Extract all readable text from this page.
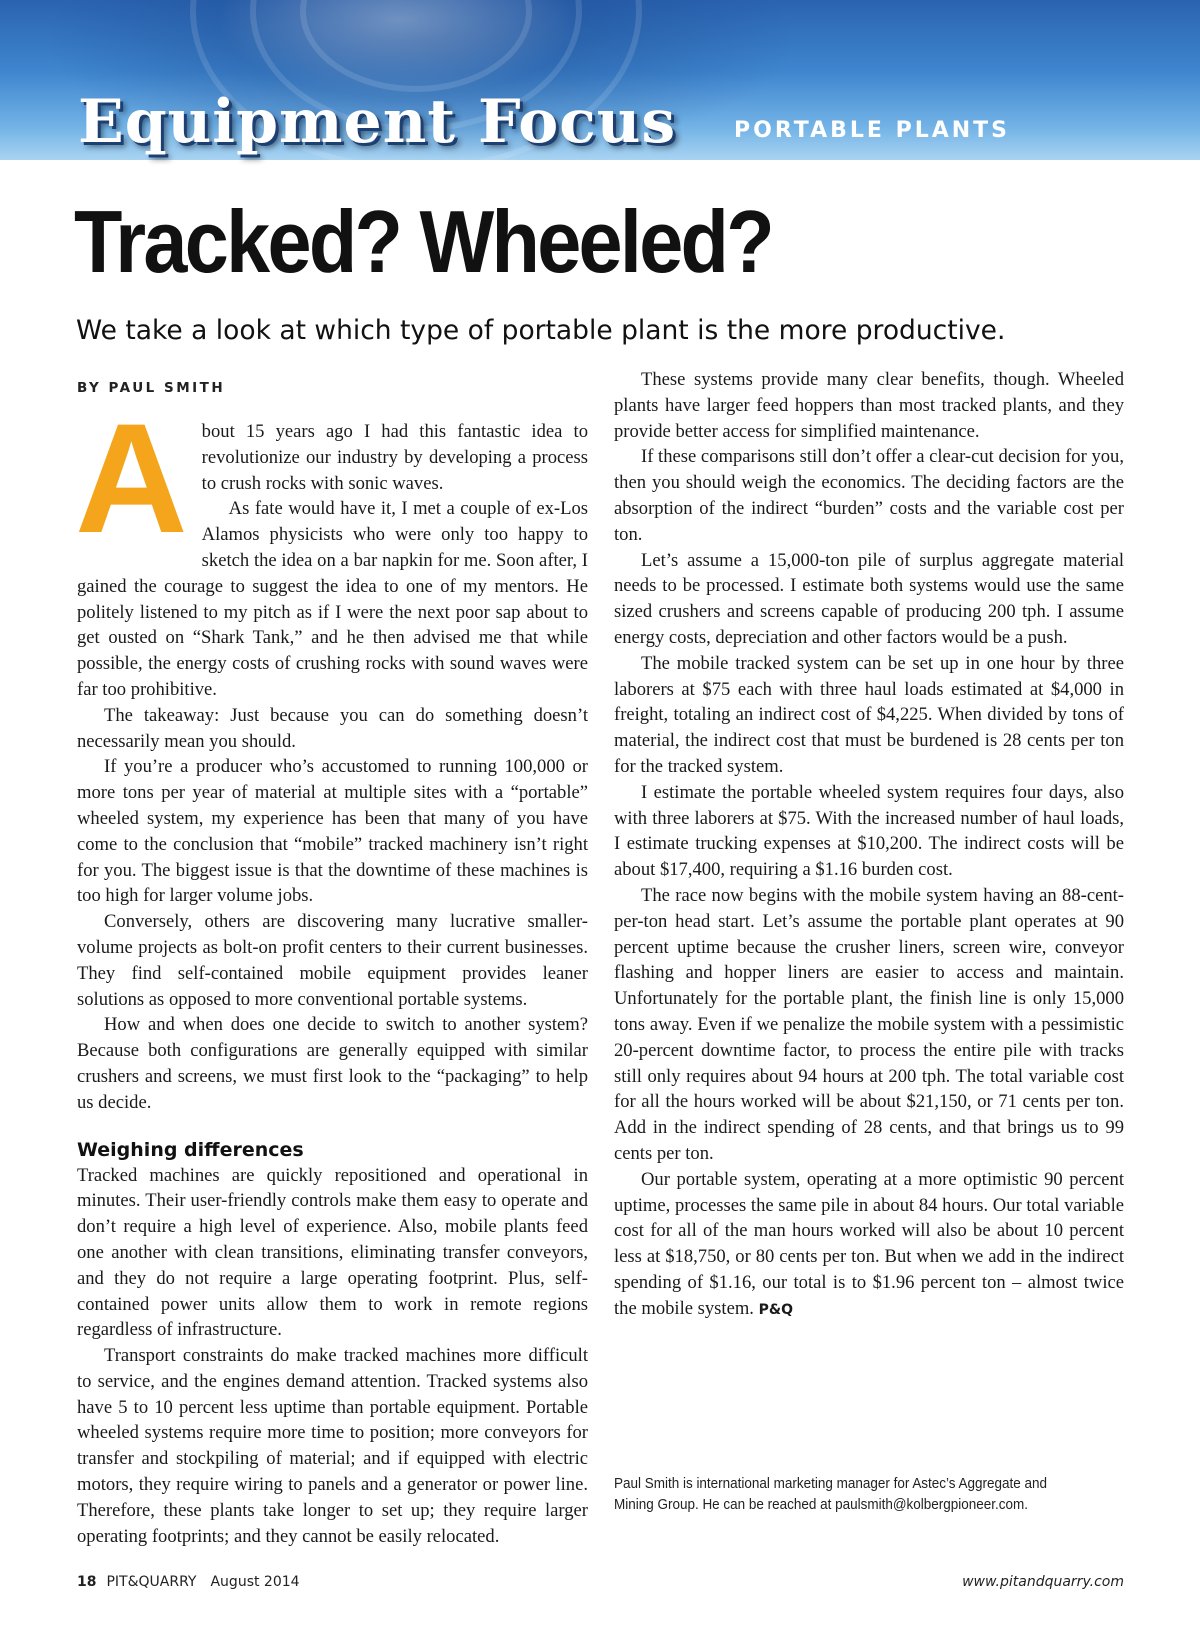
Equipment Focus	PORTABLE PLANTS
Tracked? Wheeled?

We take a look at which type of portable plant is the more productive.

BY PAUL SMITH
A bout 15 years ago I had this fantastic idea to revolutionize our industry by developing a process to crush rocks with sonic waves.

As fate would have it, I met a couple of ex-Los Alamos physicists who were only too happy to sketch the idea on a bar napkin for me. Soon after, I gained the courage to suggest the idea to one of my mentors. He politely listened to my pitch as if I were the next poor sap about to get ousted on “Shark Tank,” and he then advised me that while possible, the energy costs of crushing rocks with sound waves were far too prohibitive.

The takeaway: Just because you can do something doesn’t necessarily mean you should.

If you’re a producer who’s accustomed to running 100,000 or more tons per year of material at multiple sites with a “portable” wheeled system, my experience has been that many of you have come to the conclusion that “mobile” tracked machinery isn’t right for you. The biggest issue is that the downtime of these machines is too high for larger volume jobs.

Conversely, others are discovering many lucrative smaller-volume projects as bolt-on profit centers to their current businesses. They find self-contained mobile equipment provides leaner solutions as opposed to more conventional portable systems.

How and when does one decide to switch to another system? Because both configurations are generally equipped with similar crushers and screens, we must first look to the “packaging” to help us decide.

Weighing differences

Tracked machines are quickly repositioned and operational in minutes. Their user-friendly controls make them easy to operate and don’t require a high level of experience. Also, mobile plants feed one another with clean transitions, eliminating transfer conveyors, and they do not require a large operating footprint. Plus, self-contained power units allow them to work in remote regions regardless of infrastructure.

Transport constraints do make tracked machines more difficult to service, and the engines demand attention. Tracked systems also have 5 to 10 percent less uptime than portable equipment. Portable wheeled systems require more time to position; more conveyors for transfer and stockpiling of material; and if equipped with electric motors, they require wiring to panels and a generator or power line. Therefore, these plants take longer to set up; they require larger operating footprints; and they cannot be easily relocated.

These systems provide many clear benefits, though. Wheeled plants have larger feed hoppers than most tracked plants, and they provide better access for simplified maintenance.

If these comparisons still don’t offer a clear-cut decision for you, then you should weigh the economics. The deciding factors are the absorption of the indirect “burden” costs and the variable cost per ton.

Let’s assume a 15,000-ton pile of surplus aggregate material needs to be processed. I estimate both systems would use the same sized crushers and screens capable of producing 200 tph. I assume energy costs, depreciation and other factors would be a push.

The mobile tracked system can be set up in one hour by three laborers at $75 each with three haul loads estimated at $4,000 in freight, totaling an indirect cost of $4,225. When divided by tons of material, the indirect cost that must be burdened is 28 cents per ton for the tracked system.

I estimate the portable wheeled system requires four days, also with three laborers at $75. With the increased number of haul loads, I estimate trucking expenses at $10,200. The indirect costs will be about $17,400, requiring a $1.16 burden cost.

The race now begins with the mobile system having an 88-cent-per-ton head start. Let’s assume the portable plant operates at 90 percent uptime because the crusher liners, screen wire, conveyor flashing and hopper liners are easier to access and maintain. Unfortunately for the portable plant, the finish line is only 15,000 tons away. Even if we penalize the mobile system with a pessimistic 20-percent downtime factor, to process the entire pile with tracks still only requires about 94 hours at 200 tph. The total variable cost for all the hours worked will be about $21,150, or 71 cents per ton. Add in the indirect spending of 28 cents, and that brings us to 99 cents per ton.

Our portable system, operating at a more optimistic 90 percent uptime, processes the same pile in about 84 hours. Our total variable cost for all of the man hours worked will also be about 10 percent less at $18,750, or 80 cents per ton. But when we add in the indirect spending of $1.16, our total is to $1.96 percent ton – almost twice the mobile system. P&Q

Paul Smith is international marketing manager for Astec’s Aggregate and Mining Group. He can be reached at paulsmith@kolbergpioneer.com.
18 PIT&QUARRY August 2014	www.pitandquarry.com
